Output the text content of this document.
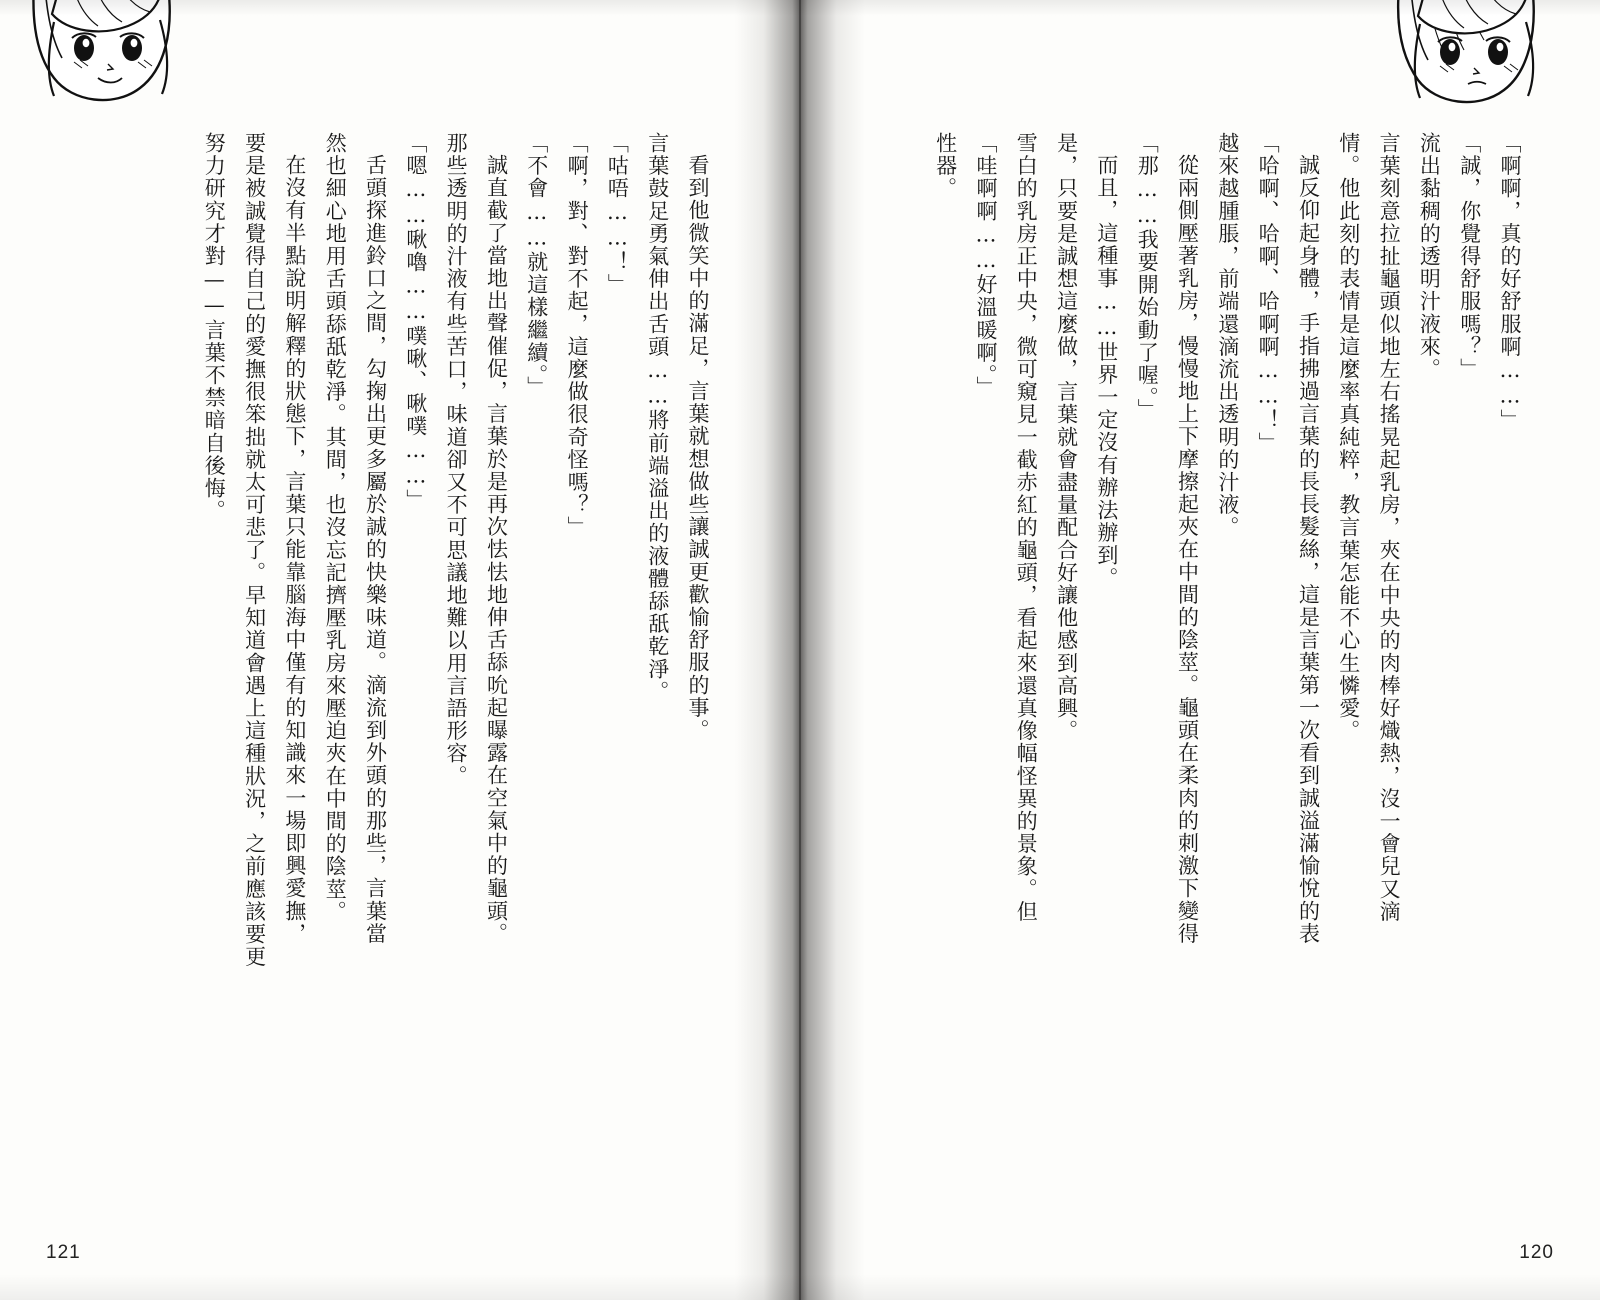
看到他微笑中的滿足，言葉就想做些讓誠更歡愉舒服的事。

言葉鼓足勇氣伸出舌頭……將前端溢出的液體舔舐乾淨。

「咕唔……！」

「啊，對、對不起，這麼做很奇怪嗎？」

「不會……就這樣繼續。」

誠直截了當地出聲催促，言葉於是再次怯怯地伸舌舔吮起曝露在空氣中的龜頭。

那些透明的汁液有些苦口，味道卻又不可思議地難以用言語形容。

「嗯……啾嚕……噗啾、啾噗……」

舌頭探進鈴口之間，勾掬出更多屬於誠的快樂味道。滴流到外頭的那些，言葉當

然也細心地用舌頭舔舐乾淨。其間，也沒忘記擠壓乳房來壓迫夾在中間的陰莖。

在沒有半點說明解釋的狀態下，言葉只能靠腦海中僅有的知識來一場即興愛撫，

要是被誠覺得自己的愛撫很笨拙就太可悲了。早知道會遇上這種狀況，之前應該要更

努力研究才對——言葉不禁暗自後悔。

121

「啊啊，真的好舒服啊……」

「誠，你覺得舒服嗎？」

流出黏稠的透明汁液來。

言葉刻意拉扯龜頭似地左右搖晃起乳房，夾在中央的肉棒好熾熱，沒一會兒又滴

情。他此刻的表情是這麼率真純粹，教言葉怎能不心生憐愛。

誠反仰起身體，手指拂過言葉的長長髮絲，這是言葉第一次看到誠溢滿愉悅的表

「哈啊、哈啊、哈啊啊……！」

越來越腫脹，前端還滴流出透明的汁液。

從兩側壓著乳房，慢慢地上下摩擦起夾在中間的陰莖。龜頭在柔肉的刺激下變得

「那……我要開始動了喔。」

而且，這種事……世界一定沒有辦法辦到。

是，只要是誠想這麼做，言葉就會盡量配合好讓他感到高興。

雪白的乳房正中央，微可窺見一截赤紅的龜頭，看起來還真像幅怪異的景象。但

「哇啊啊……好溫暖啊。」

性器。

120
